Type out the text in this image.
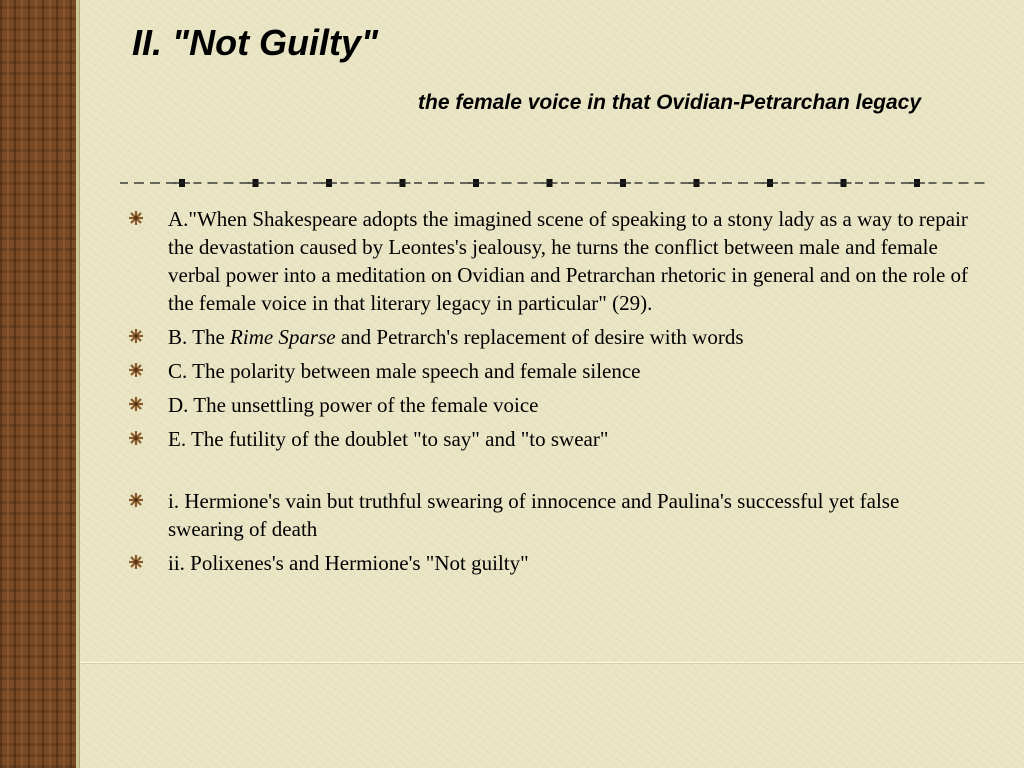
II. "Not Guilty"

the female voice in that Ovidian-Petrarchan legacy

A."When Shakespeare adopts the imagined scene of speaking to a stony lady as a way to repair the devastation caused by Leontes's jealousy, he turns the conflict between male and female verbal power into a meditation on Ovidian and Petrarchan rhetoric in general and on the role of the female voice in that literary legacy in particular" (29).
B. The Rime Sparse and Petrarch's replacement of desire with words
C. The polarity between male speech and female silence
D. The unsettling power of the female voice
E. The futility of the doublet "to say" and "to swear"
i. Hermione's vain but truthful swearing of innocence and Paulina's successful yet false swearing of death
ii. Polixenes's and Hermione's "Not guilty"
